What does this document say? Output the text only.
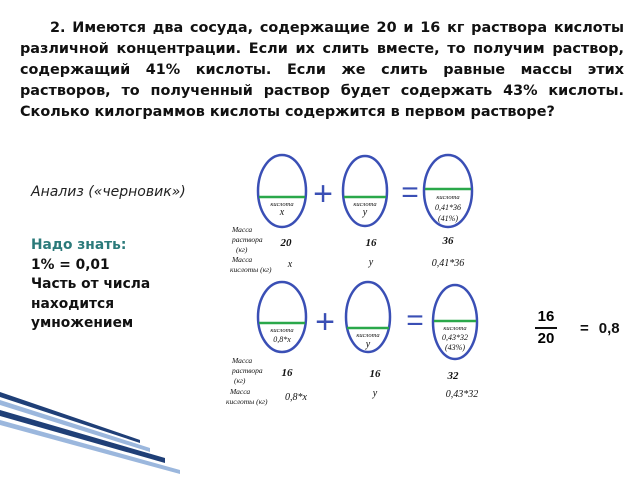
2. Имеются два сосуда, содержащие 20 и 16 кг раствора кислоты различной концентрации. Если их слить вместе, то получим раствор, содержащий 41% кислоты. Если же слить равные массы этих растворов, то полученный раствор будет содержать 43% кислоты. Сколько килограммов кислоты содержится в первом растворе?

Анализ («черновик»)

Надо знать:
1% = 0,01
Часть от числа
находится
умножением
кислота
x +	кислота
y
=	кислота
0,41*36
(41%)
Масса раствора (кг)
20	16	36
Масса кислоты (кг) x	y	0,41*36
кислота
0,8*x +	кислота
y
=	кислота
0,43*32
(43%)
Масса раствора (кг)
16	16	32
Масса кислоты (кг) 0,8*x	y	0,43*32
16
20
= 0,8
